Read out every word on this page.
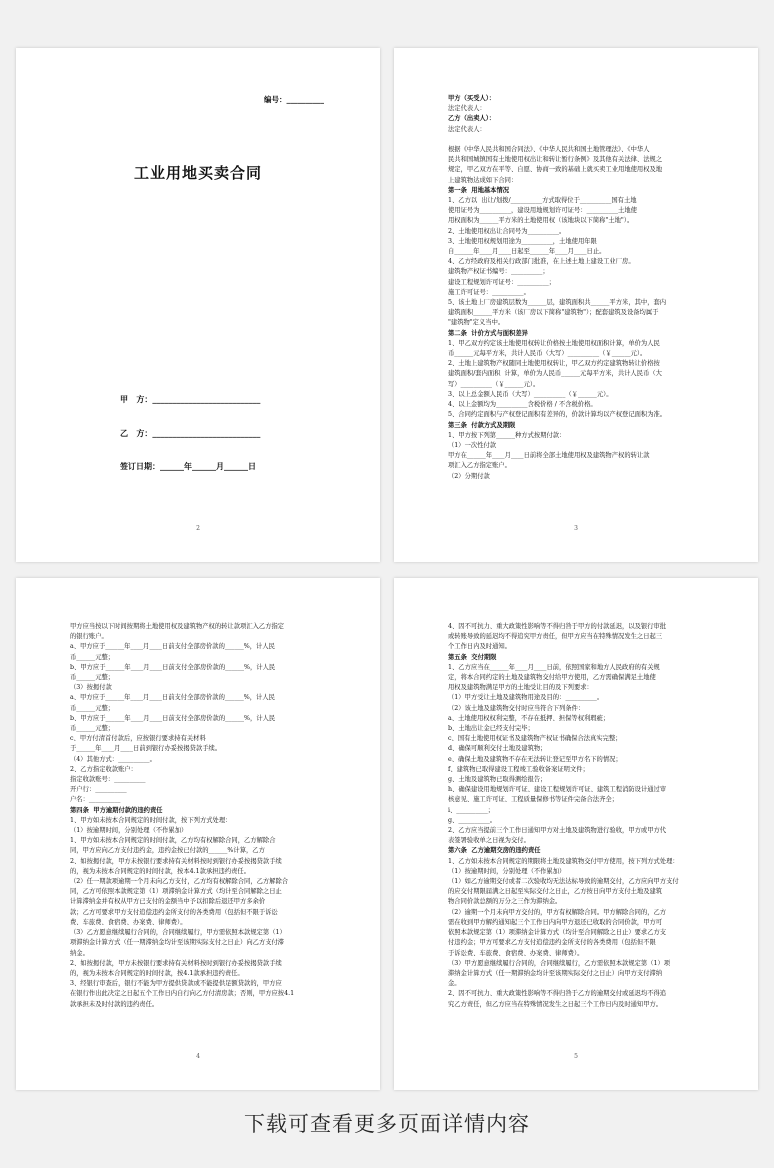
编号：__________
工业用地买卖合同
甲   方：___________________________
乙   方：___________________________
签订日期：______年______月______日
2

甲方（买受人）：

法定代表人：

乙方（出卖人）：

法定代表人：

根据《中华人民共和国合同法》、《中华人民共和国土地管理法》、《中华人

民共和国城镇国有土地使用权出让和转让暂行条例》及其他有关法律、法规之

规定，甲乙双方在平等、自愿、协商一致的基础上就买卖工业用地使用权及地

上建筑物达成如下合同：

第一条  用地基本情况

1、乙方以  出让/划拨/__________方式取得位于__________国有土地

使用证号为__________，建设用地规划许可证号：__________土地使

用权面积为______平方米的土地使用权（该地块以下简称"土地"）。

2、土地使用权出让合同号为__________。

3、土地使用权规划用途为__________，土地使用年限

自______年____月____日起至______年____月____日止。

4、乙方经政府及相关行政部门批准，在上述土地上建设工业厂房。

建筑物产权证书编号：__________；

建设工程规划许可证号：__________；

施工许可证号：__________。

5、该土地上厂房建筑层数为______层，建筑面积共______平方米，其中，套内

建筑面积______平方米（该厂房以下简称"建筑物"）；配套建筑及设备均属于

"建筑物"定义当中。

第二条  计价方式与面积差异

1、甲乙双方约定该土地使用权转让价格按土地使用权面积计算，单价为人民

币______元每平方米，共计人民币（大写）__________（￥______元）。

2、土地上建筑物产权随同土地使用权转让，甲乙双方约定建筑物转让价格按

建筑面积/套内面积  计算，单价为人民币______元每平方米，共计人民币（大

写）__________（￥______元）。

3、以上总金额人民币（大写）__________（￥______元）。

4、以上金额均为__________含税价格 / 不含税价格。

5、合同约定面积与产权登记面积有差异的，价款计算均以产权登记面积为准。

第三条  付款方式及期限

1、甲方按下列第______种方式按期付款：

（1）一次性付款

甲方在______年____月____日前将全部土地使用权及建筑物产权的转让款

项汇入乙方指定账户。

（2）分期付款

3

甲方应当按以下时间按期将土地使用权及建筑物产权的转让款项汇入乙方指定

的银行账户。

a、甲方应于______年____月____日前支付全部房价款的______%，计人民

币______元整；

b、甲方应于______年____月____日前支付全部房价款的______%，计人民

币______元整；

（3）按揭付款

a、甲方应于______年____月____日前支付全部房价款的______%，计人民

币______元整；

b、甲方应于______年____月____日前支付全部房价款的______%，计人民

币______元整；

c、甲方付清首付款后，应按银行要求持有关材料

于______年____月____日前到银行办妥按揭贷款手续。

（4）其他方式：__________。

2、乙方指定收款账户：

指定收款账号：__________

开户行：__________

户名：__________

第四条  甲方逾期付款的违约责任

1、甲方如未按本合同规定的时间付款，按下列方式处理：

（1）按逾期时间，分别处理（不作累加）

1、甲方如未按本合同规定的时间付款，乙方均有权解除合同，乙方解除合

同，甲方应向乙方支付违约金，违约金按已付款的______%计算，乙方

2、如按揭付款，甲方未按银行要求持有关材料按时到银行办妥按揭贷款手续

的，视为未按本合同规定的时间付款，按本4.1款承担违约责任。

（2）任一期款项逾期一个月未向乙方支付，乙方均有权解除合同，乙方解除合

同，乙方可依照本款规定第（1）项滞纳金计算方式（均计至合同解除之日止

计算滞纳金并有权从甲方已支付的金额当中予以扣除后退还甲方多余价

款；乙方可要求甲方支付追偿违约金所支付的各类费用（包括但不限于诉讼

费、车旅费、食宿费、办案费、律师费）。

（3）乙方愿意继续履行合同的，合同继续履行，甲方需依照本款规定第（1）

项滞纳金计算方式（任一期滞纳金均计至该期实际支付之日止）向乙方支付滞

纳金。

2、如按揭付款，甲方未按银行要求持有关材料按时到银行办妥按揭贷款手续

的，视为未按本合同规定的时间付款，按4.1款承担违约责任。

3、经银行审查后，银行不能为甲方提供贷款或不能提供足额贷款的，甲方应

在银行作出此决定之日起五个工作日内自行向乙方付清房款；否则，甲方应按4.1

款承担未及时付款的违约责任。

4

4、因不可抗力、重大政策性影响等不得归咎于甲方的付款延迟，以及银行审批

或转账导致的延迟均不得追究甲方责任，但甲方应当在特殊情况发生之日起三

个工作日内及时通知。

第五条  交付期限

1、乙方应当在______年____月____日前，依照国家和地方人民政府的有关规

定，将本合同约定的土地及建筑物交付给甲方使用，乙方需确保满足土地使

用权及建筑物满足甲方的土地受让目的及下列要求：

（1）甲方受让土地及建筑物用途及目的：__________。

（2）该土地及建筑物交付时应当符合下列条件：

a、土地使用权权利完整，不存在抵押、担保等权利瑕疵；

b、土地出让金已经支付完毕；

c、国有土地使用权证书及建筑物产权证书确保合法真实完整；

d、确保可顺利交付土地及建筑物；

e、确保土地及建筑物不存在无法转让登记至甲方名下的情况；

f、建筑物已取得建设工程竣工验收备案证明文件；

g、土地及建筑物已取得测绘报告；

h、确保建设用地规划许可证、建设工程规划许可证、建筑工程消防设计通过审

核意见、施工许可证、工程质量保修书等证件完备合法齐全；

i、__________；

g、__________。

2、乙方应当提前三个工作日通知甲方对土地及建筑物进行验收，甲方或甲方代

表签署验收单之日视为交付。

第六条  乙方逾期交房的违约责任

1、乙方如未按本合同规定的期限将土地及建筑物交付甲方使用，按下列方式处理：

（1）按逾期时间，分别处理（不作累加）

（1）如乙方逾期交付或者二次验收均无法达标导致的逾期交付，乙方应向甲方支付

的应交付期限届满之日起至实际交付之日止，乙方按日向甲方支付土地及建筑

物合同价款总额的万分之三作为滞纳金。

（2）逾期一个月未向甲方交付的，甲方有权解除合同。甲方解除合同的，乙方

需在收到甲方解约通知起三个工作日内向甲方退还已收取的合同价款，甲方可

依照本款规定第（1）项滞纳金计算方式（均计至合同解除之日止）要求乙方支

付违约金；甲方可要求乙方支付追偿违约金所支付的各类费用（包括但不限

于诉讼费、车旅费、食宿费、办案费、律师费）。

（3）甲方愿意继续履行合同的，合同继续履行，乙方需依照本款规定第（1）项

滞纳金计算方式（任一期滞纳金均计至该期实际交付之日止）向甲方支付滞纳

金。

2、因不可抗力、重大政策性影响等不得归咎于乙方的逾期交付或延迟均不得追

究乙方责任，但乙方应当在特殊情况发生之日起三个工作日内及时通知甲方。

5
下载可查看更多页面详情内容
